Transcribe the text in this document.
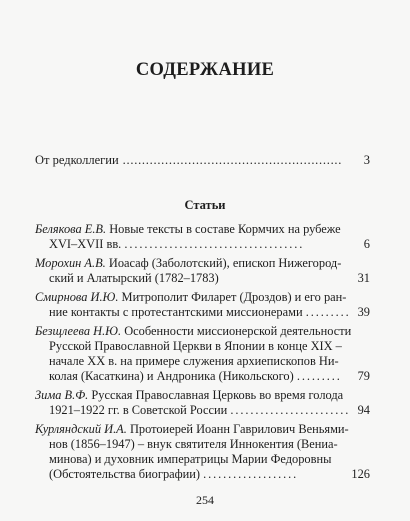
СОДЕРЖАНИЕ
От редколлегии . . .	3
Статьи
Белякова Е.В. Новые тексты в составе Кормчих на рубеже
XVI–XVII вв. . . . . . . . . . . . . . . . . . . . . . . . . . . . . . . . . . . . .	6
Морохин А.В. Иоасаф (Заболотский), епископ Нижегород-
ский и Алатырский (1782–1783)	31
Смирнова И.Ю. Митрополит Филарет (Дроздов) и его ран-
ние контакты с протестантскими миссионерами . . . . . . . . . 39
Безщлеева Н.Ю. Особенности миссионерской деятельности
Русской Православной Церкви в Японии в конце XIX –
начале XX в. на примере служения архиепископов Ни-
колая (Касаткина) и Андроника (Никольского) . . . . . . . . .	79
Зима В.Ф. Русская Православная Церковь во время голода
1921–1922 гг. в Советской России . . . . . . . . . . . . . . . . . . . . . . . . 94
Курляндский И.А. Протоиерей Иоанн Гаврилович Веньями-
нов (1856–1947) – внук святителя Иннокентия (Вениа-
минова) и духовник императрицы Марии Федоровны
(Обстоятельства биографии) . . . . . . . . . . . . . . . . . . .	126
254
